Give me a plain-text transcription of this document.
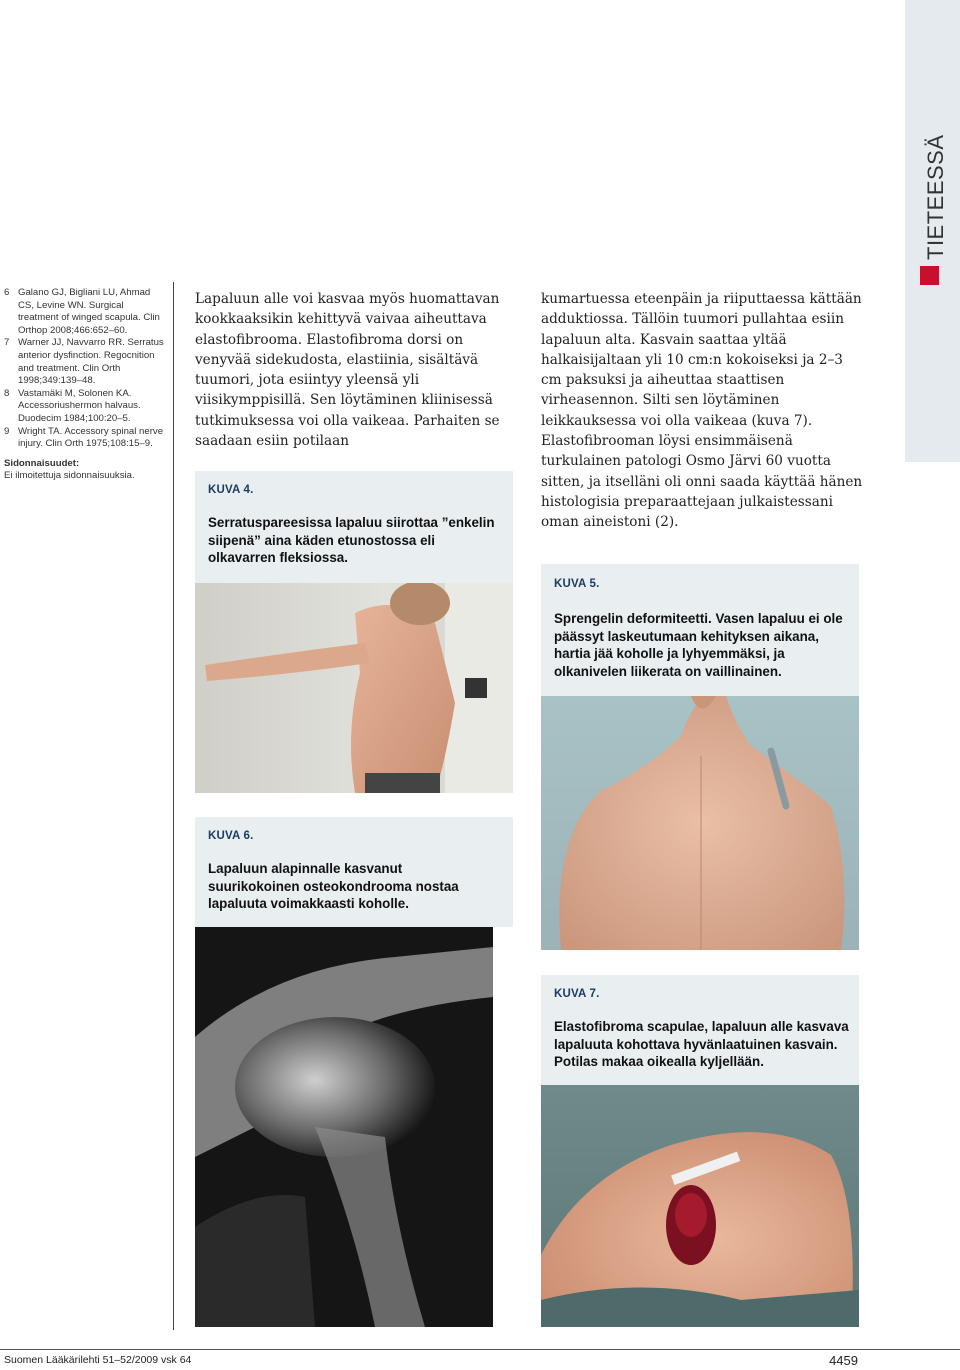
TIETEESSÄ
6 Galano GJ, Bigliani LU, Ahmad CS, Levine WN. Surgical treatment of winged scapula. Clin Orthop 2008;466:652–60.
7 Warner JJ, Navvarro RR. Serratus anterior dysfinction. Regocnition and treatment. Clin Orth 1998;349:139–48.
8 Vastamäki M, Solonen KA. Accessoriushermon halvaus. Duodecim 1984;100:20–5.
9 Wright TA. Accessory spinal nerve injury. Clin Orth 1975;108:15–9.
Sidonnaisuudet:
Ei ilmoitettuja sidonnaisuuksia.
Lapaluun alle voi kasvaa myös huomattavan kookkaaksikin kehittyvä vaivaa aiheuttava elastofibrooma. Elastofibroma dorsi on venyvää sidekudosta, elastiinia, sisältävä tuumori, jota esiintyy yleensä yli viisikymppisillä. Sen löytäminen kliinisessä tutkimuksessa voi olla vaikeaa. Parhaiten se saadaan esiin potilaan
kumartuessa eteenpäin ja riiputtaessa kättään adduktiossa. Tällöin tuumori pullahtaa esiin lapaluun alta. Kasvain saattaa yltää halkaisijaltaan yli 10 cm:n kokoiseksi ja 2–3 cm paksuksi ja aiheuttaa staattisen virheasennon. Silti sen löytäminen leikkauksessa voi olla vaikeaa (kuva 7). Elastofibrooman löysi ensimmäisenä turkulainen patologi Osmo Järvi 60 vuotta sitten, ja itselläni oli onni saada käyttää hänen histologisia preparaattejaan julkaistessani oman aineistoni (2).
KUVA 4.
Serratuspareesissa lapaluu siirottaa ”enkelin siipenä” aina käden etunostossa eli olkavarren fleksiossa.
KUVA 5.
Sprengelin deformiteetti. Vasen lapaluu ei ole päässyt laskeutumaan kehityksen aikana, hartia jää koholle ja lyhyemmäksi, ja olkanivelen liikerata on vaillinainen.
KUVA 6.
Lapaluun alapinnalle kasvanut suurikokoinen osteokondrooma nostaa lapaluuta voimakkaasti koholle.
KUVA 7.
Elastofibroma scapulae, lapaluun alle kasvava lapaluuta kohottava hyvänlaatuinen kasvain. Potilas makaa oikealla kyljellään.
Suomen Lääkärilehti 51–52/2009 vsk 64	4459
